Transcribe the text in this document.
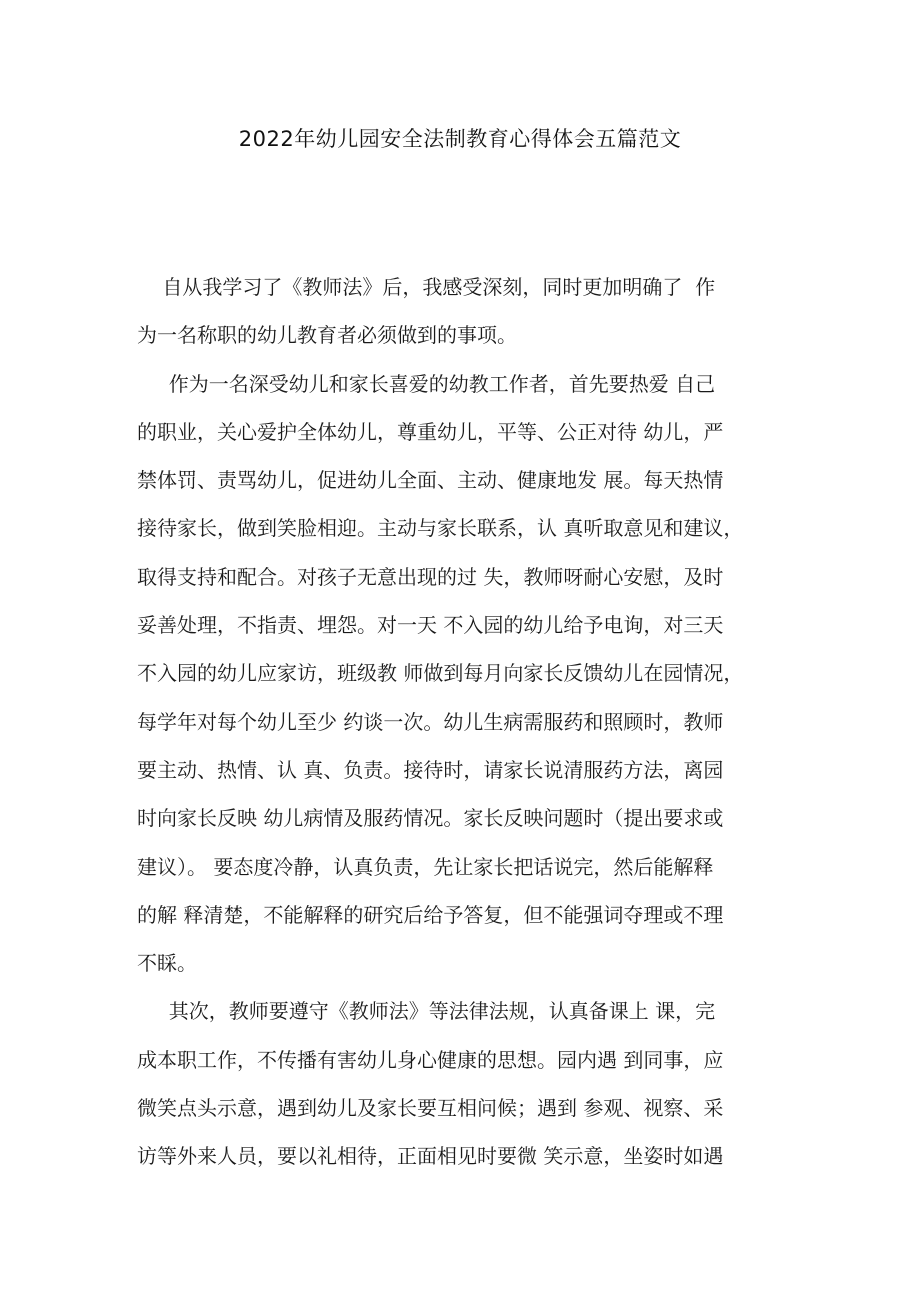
2022年幼儿园安全法制教育心得体会五篇范文
自从我学习了《教师法》后，我感受深刻，同时更加明确了  作
为一名称职的幼儿教育者必须做到的事项。
作为一名深受幼儿和家长喜爱的幼教工作者，首先要热爱 自己
的职业，关心爱护全体幼儿，尊重幼儿，平等、公正对待 幼儿，严
禁体罚、责骂幼儿，促进幼儿全面、主动、健康地发 展。每天热情
接待家长，做到笑脸相迎。主动与家长联系，认 真听取意见和建议，
取得支持和配合。对孩子无意出现的过 失，教师呀耐心安慰，及时
妥善处理，不指责、埋怨。对一天 不入园的幼儿给予电询，对三天
不入园的幼儿应家访，班级教 师做到每月向家长反馈幼儿在园情况，
每学年对每个幼儿至少 约谈一次。幼儿生病需服药和照顾时，教师
要主动、热情、认 真、负责。接待时，请家长说清服药方法，离园
时向家长反映 幼儿病情及服药情况。家长反映问题时（提出要求或
建议）。 要态度冷静，认真负责，先让家长把话说完，然后能解释
的解 释清楚，不能解释的研究后给予答复，但不能强词夺理或不理
不睬。
其次，教师要遵守《教师法》等法律法规，认真备课上 课，完
成本职工作，不传播有害幼儿身心健康的思想。园内遇 到同事，应
微笑点头示意，遇到幼儿及家长要互相问候；遇到 参观、视察、采
访等外来人员，要以礼相待，正面相见时要微 笑示意，坐姿时如遇
